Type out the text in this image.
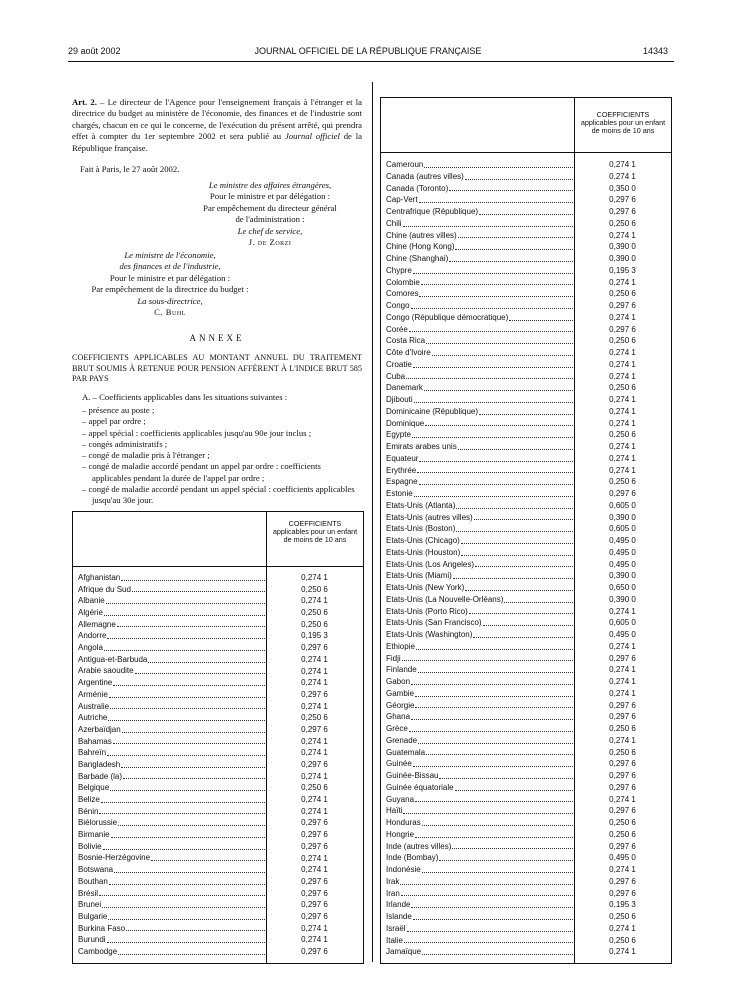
29 août 2002	JOURNAL OFFICIEL DE LA RÉPUBLIQUE FRANÇAISE	14343

Art. 2. – Le directeur de l'Agence pour l'enseignement français à l'étranger et la directrice du budget au ministère de l'économie, des finances et de l'industrie sont chargés, chacun en ce qui le concerne, de l'exécution du présent arrêté, qui prendra effet à compter du 1er septembre 2002 et sera publié au Journal officiel de la République française.

Fait à Paris, le 27 août 2002.
Le ministre des affaires étrangères,
Pour le ministre et par délégation :
Par empêchement du directeur général
de l'administration :
Le chef de service,
J. de Zorzi
Le ministre de l'économie,
des finances et de l'industrie,
Pour le ministre et par délégation :
Par empêchement de la directrice du budget :
La sous-directrice,
C. Buhl
ANNEXE
COEFFICIENTS APPLICABLES AU MONTANT ANNUEL DU TRAITEMENT BRUT SOUMIS À RETENUE POUR PENSION AFFÉRENT À L'INDICE BRUT 585 PAR PAYS
A. – Coefficients applicables dans les situations suivantes :
– présence au poste ;
– appel par ordre ;
– appel spécial : coefficients applicables jusqu'au 90e jour inclus ;
– congés administratifs ;
– congé de maladie pris à l'étranger ;
– congé de maladie accordé pendant un appel par ordre : coefficients applicables pendant la durée de l'appel par ordre ;
– congé de maladie accordé pendant un appel spécial : coefficients applicables jusqu'au 30e jour.
COEFFICIENTS applicables pour un enfant de moins de 10 ans
Afghanistan	0,274 1
Afrique du Sud	0,250 6
Albanie	0,274 1
Algérie	0,250 6
Allemagne	0,250 6
Andorre	0,195 3
Angola	0,297 6
Antigua-et-Barbuda	0,274 1
Arabie saoudite	0,274 1
Argentine	0,274 1
Arménie	0,297 6
Australie	0,274 1
Autriche	0,250 6
Azerbaïdjan	0,297 6
Bahamas	0,274 1
Bahreïn	0,274 1
Bangladesh	0,297 6
Barbade (la)	0,274 1
Belgique	0,250 6
Belize	0,274 1
Bénin	0,274 1
Biélorussie	0,297 6
Birmanie	0,297 6
Bolivie	0,297 6
Bosnie-Herzégovine	0,274 1
Botswana	0,274 1
Bouthan	0,297 6
Brésil	0,297 6
Brunei	0,297 6
Bulgarie	0,297 6
Burkina Faso	0,274 1
Burundi	0,274 1
Cambodge	0,297 6
COEFFICIENTS applicables pour un enfant de moins de 10 ans
Cameroun	0,274 1
Canada (autres villes)	0,274 1
Canada (Toronto)	0,350 0
Cap-Vert	0,297 6
Centrafrique (République)	0,297 6
Chili	0,250 6
Chine (autres villes)	0,274 1
Chine (Hong Kong)	0,390 0
Chine (Shanghai)	0,390 0
Chypre	0,195 3
Colombie	0,274 1
Comores	0,250 6
Congo	0,297 6
Congo (République démocratique)	0,274 1
Corée	0,297 6
Costa Rica	0,250 6
Côte d'Ivoire	0,274 1
Croatie	0,274 1
Cuba	0,274 1
Danemark	0,250 6
Djibouti	0,274 1
Dominicaine (République)	0,274 1
Dominique	0,274 1
Egypte	0,250 6
Emirats arabes unis	0,274 1
Equateur	0,274 1
Erythrée	0,274 1
Espagne	0,250 6
Estonie	0,297 6
Etats-Unis (Atlanta)	0,605 0
Etats-Unis (autres villes)	0,390 0
Etats-Unis (Boston)	0,605 0
Etats-Unis (Chicago)	0,495 0
Etats-Unis (Houston)	0,495 0
Etats-Unis (Los Angeles)	0,495 0
Etats-Unis (Miami)	0,390 0
Etats-Unis (New York)	0,650 0
Etats-Unis (La Nouvelle-Orléans)	0,390 0
Etats-Unis (Porto Rico)	0,274 1
Etats-Unis (San Francisco)	0,605 0
Etats-Unis (Washington)	0,495 0
Ethiopie	0,274 1
Fidji	0,297 6
Finlande	0,274 1
Gabon	0,274 1
Gambie	0,274 1
Géorgie	0,297 6
Ghana	0,297 6
Grèce	0,250 6
Grenade	0,274 1
Guatemala	0,250 6
Guinée	0,297 6
Guinée-Bissau	0,297 6
Guinée équatoriale	0,297 6
Guyana	0,274 1
Haïti	0,297 6
Honduras	0,250 6
Hongrie	0,250 6
Inde (autres villes)	0,297 6
Inde (Bombay)	0,495 0
Indonésie	0,274 1
Irak	0,297 6
Iran	0,297 6
Irlande	0,195 3
Islande	0,250 6
Israël	0,274 1
Italie	0,250 6
Jamaïque	0,274 1
